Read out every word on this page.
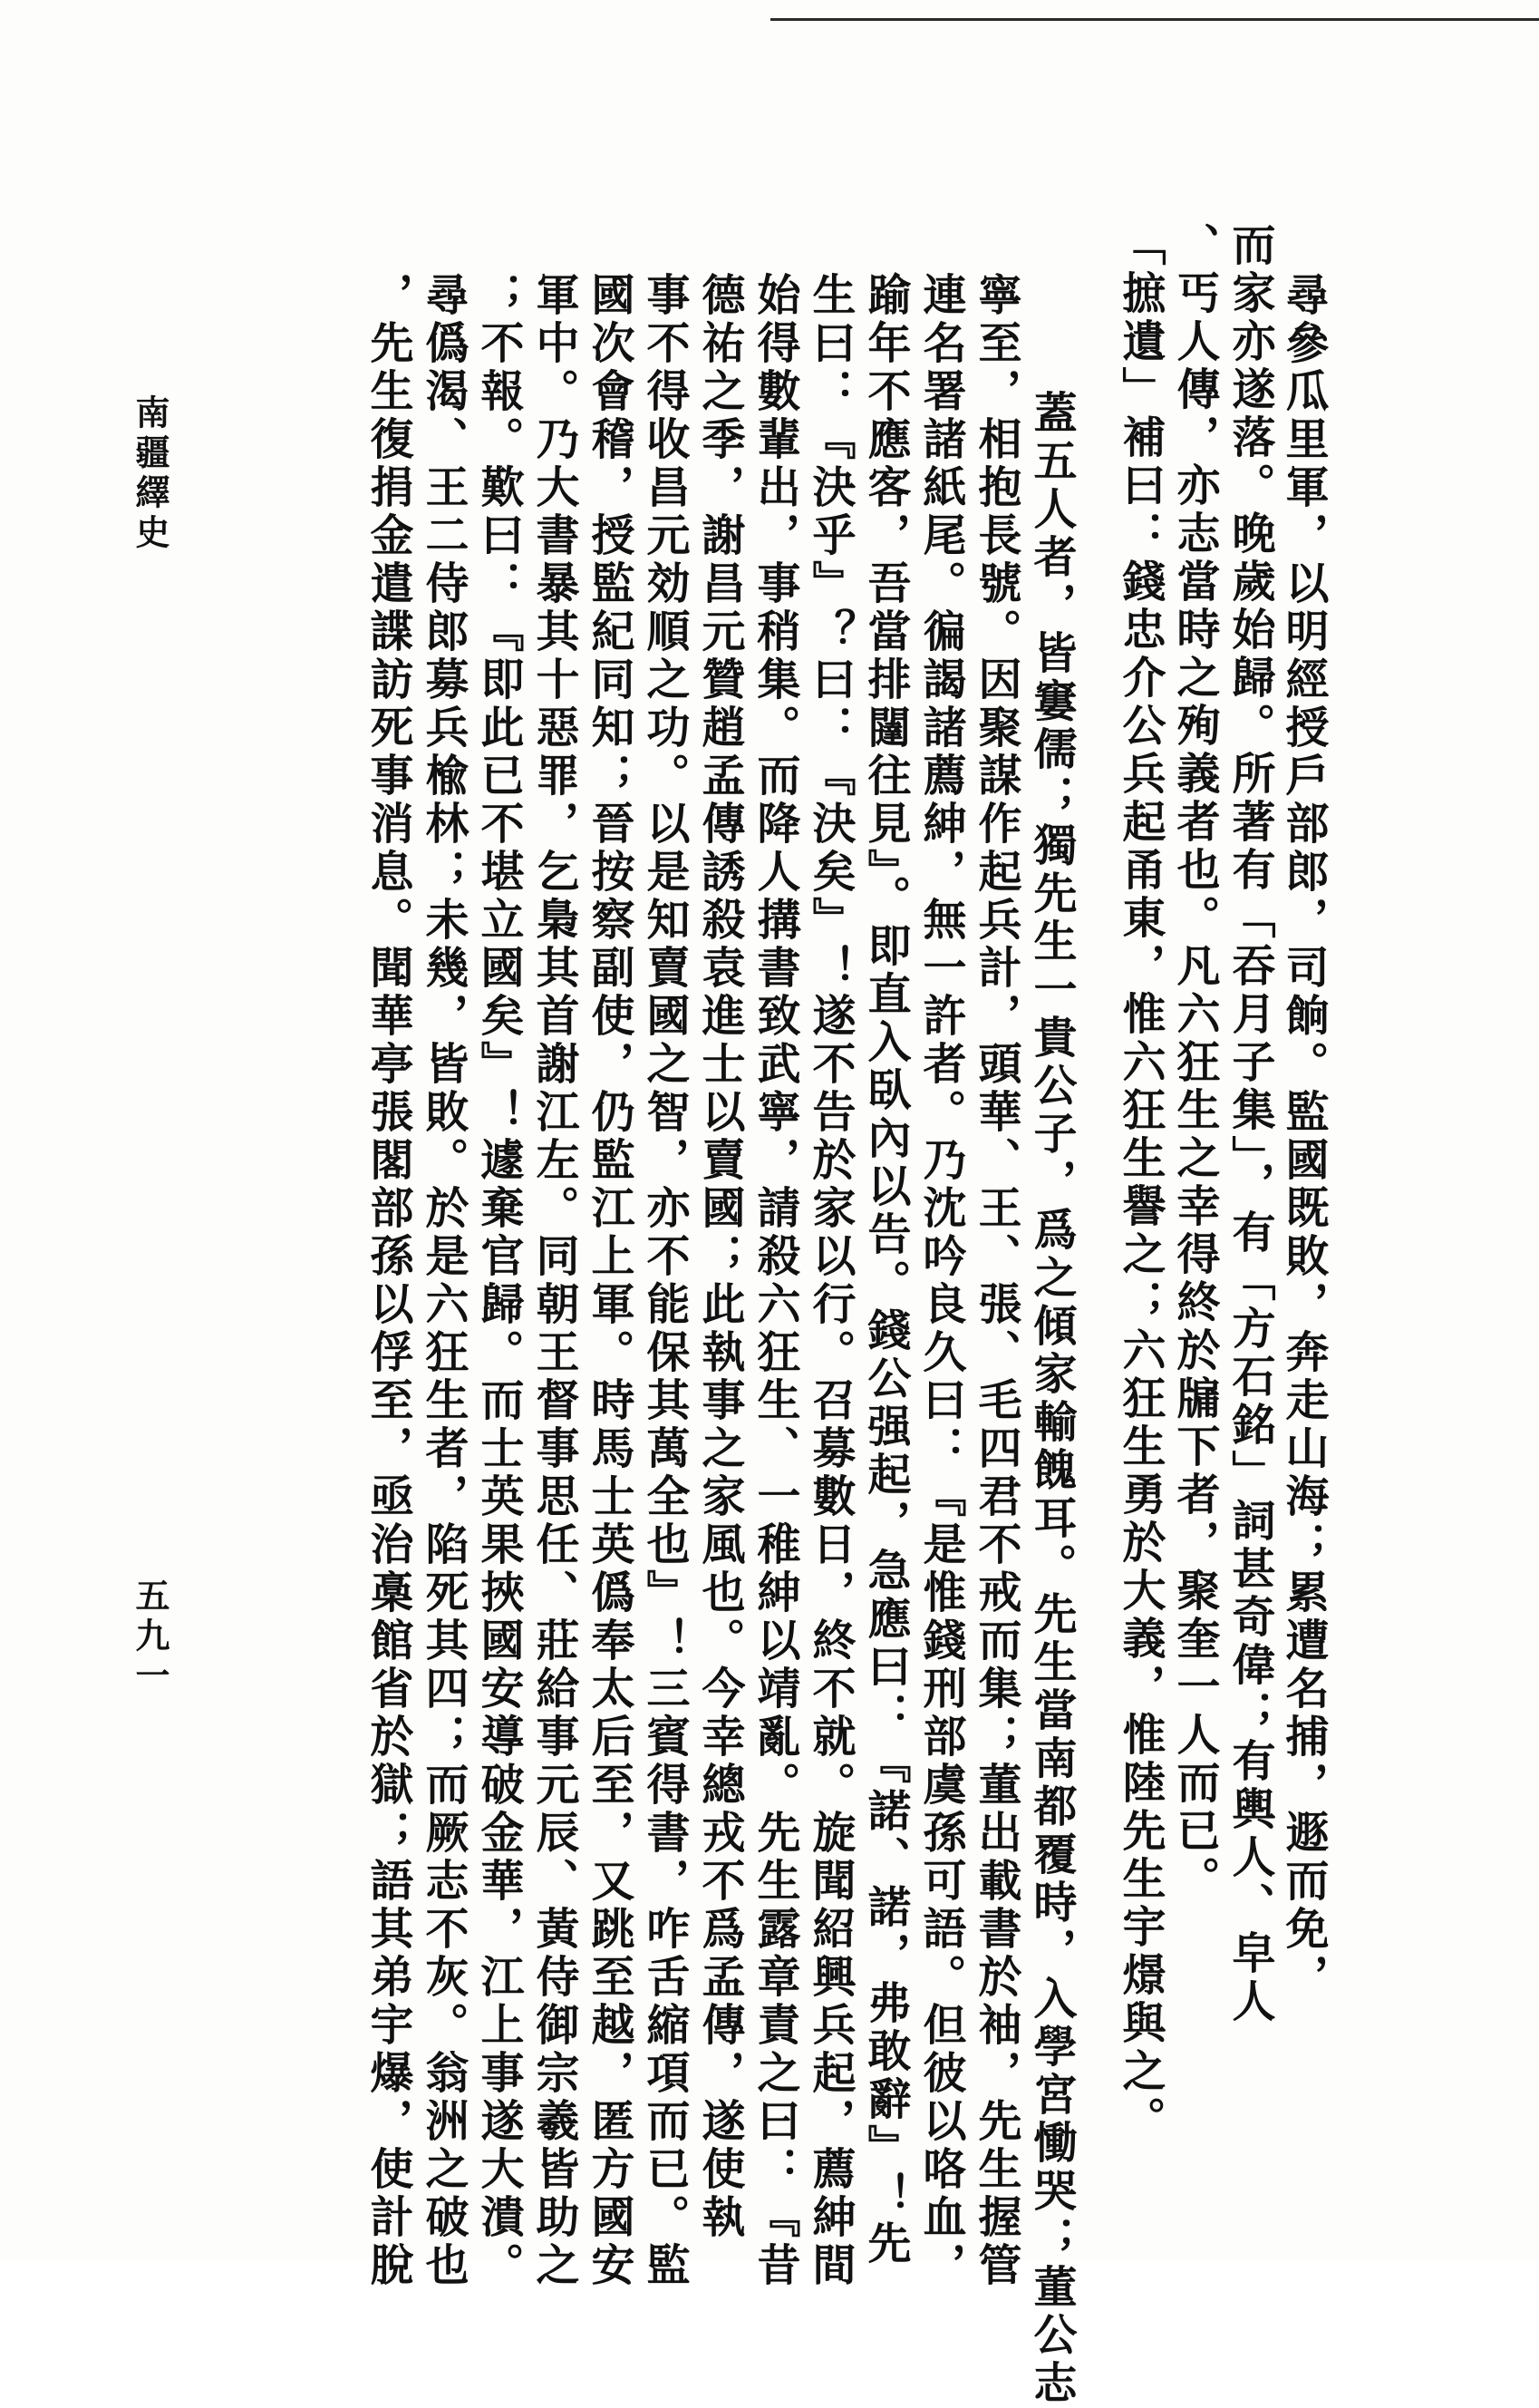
尋參瓜里軍，以明經授戶部郎，司餉。監國既敗，奔走山海；累遭名捕，遯而免，
而家亦遂落。晚歲始歸。所著有「吞月子集」，有「方石銘」詞甚奇偉；有輿人、皁人
、丐人傳，亦志當時之殉義者也。凡六狂生之幸得終於牖下者，聚奎一人而已。
「摭遺」補曰：錢忠介公兵起甬東，惟六狂生譽之；六狂生勇於大義，惟陸先生宇燝與之。
蓋五人者，皆窶儒；獨先生一貴公子，爲之傾家輸餽耳。先生當南都覆時，入學宮慟哭；董公志
寧至，相抱長號。因聚謀作起兵計，頭華、王、張、毛四君不戒而集；董出載書於袖，先生握管
連名署諸紙尾。徧謁諸薦紳，無一許者。乃沈吟良久曰：『是惟錢刑部虞孫可語。但彼以咯血，
踰年不應客，吾當排闥往見』。即直入臥內以告。錢公强起，急應曰：『諾、諾，弗敢辭』！先
生曰：『決乎』？曰：『決矣』！遂不告於家以行。召募數日，終不就。旋聞紹興兵起，薦紳間
始得數輩出，事稍集。而降人搆書致武寧，請殺六狂生、一稚紳以靖亂。先生露章責之曰：『昔
德祐之季，謝昌元贊趙孟傳誘殺袁進士以賣國；此執事之家風也。今幸總戎不爲孟傳，遂使執
事不得收昌元効順之功。以是知賣國之智，亦不能保其萬全也』！三賓得書，咋舌縮項而已。監
國次會稽，授監紀同知；晉按察副使，仍監江上軍。時馬士英僞奉太后至，又跳至越，匿方國安
軍中。乃大書暴其十惡罪，乞梟其首謝江左。同朝王督事思任、莊給事元辰、黃侍御宗羲皆助之
；不報。歎曰：『即此已不堪立國矣』！遽棄官歸。而士英果挾國安導破金華，江上事遂大潰。
尋僞渴、王二侍郎募兵楡林；未幾，皆敗。於是六狂生者，陷死其四；而厥志不灰。翁洲之破也
，先生復捐金遣諜訪死事消息。聞華亭張閣部孫以俘至，亟治槀館省於獄；語其弟宇爆，使計脫
南疆繹史
五九一
